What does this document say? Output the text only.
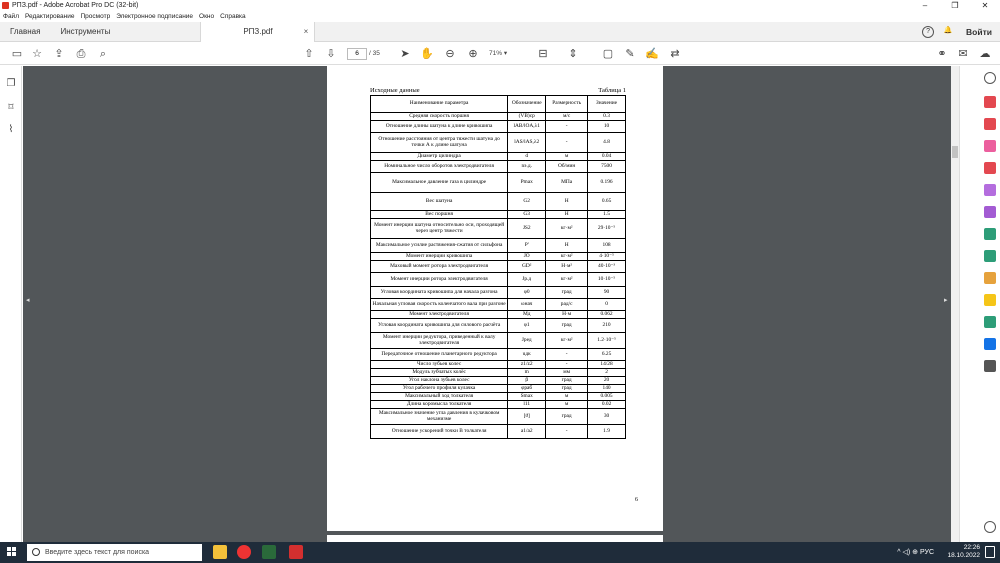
РПЗ.pdf - Adobe Acrobat Pro DC (32-bit)	–	❐	✕
Файл Редактирование Просмотр Электронное подписание Окно Справка
Главная	Инструменты	РПЗ.pdf	×	?	🔔 Войти
▭ ☆ ⇪ ⎙	⌕	⇧ ⇩	6	/ 35 ➤ ✋ ⊖ ⊕	71% ▾	⊟ ⇕ ▢ ✎ ✍ ⇄	⚭ ✉ ☁
❐
⌑
⌇
◂	▸
Исходные данные	Таблица 1
Наименование параметра	Обозначение	Размерность	Значение
Средняя скорость поршня	(VB)ср	м/с	0.3
Отношение длины шатуна к длине кривошипа	lAB/lOA,λ1	-	10
Отношение расстояния от центра тяжести шатуна до точки А к длине шатуна	lAS/lAS,λ2	-	4.8
Диаметр цилиндра	d	м	0.04
Номинальное число оборотов электродвигателя	nэ.д.	Об/мин	7500
Максимальное давление газа в цилиндре	Pmax	МПа	0.196
Вес шатуна	G2	Н	0.65
Вес поршня	G3	Н	1.5
Момент инерции шатуна относительно оси, проходящей через центр тяжести	JS2	кг·м²	29·10⁻⁵
Максимальное усилие растяжения-сжатия от сильфона	P'	Н	108
Момент инерции кривошипа	JO	кг·м²	4·10⁻⁵
Маховый момент ротора электродвигателя	GD²	Н·м²	40·10⁻³
Момент инерции ротора электродвигателя	Jр.д	кг·м²	10·10⁻⁵
Угловая координата кривошипа для начала разгона	φ0	град	90
Начальная угловая скорость коленчатого вала при разгоне	ωнач	рад/с	0
Момент электродвигателя	Mд	Н·м	0.062
Угловая координата кривошипа для силового расчёта	φ1	град	210
Момент инерции редуктора, приведенный к валу электродвигателя	Jред	кг·м²	1.2·10⁻⁵
Передаточное отношение планетарного редуктора	uдк	-	6.25
Число зубьев колес	z1/z2	-	14/28
Модуль зубчатых колёс	m	мм	2
Угол наклона зубьев колес	β	град	20
Угол рабочего профиля кулачка	φраб	град	140
Максимальный ход толкателя	Smax	м	0.005
Длина коромысла толкателя	l11	м	0.02
Максимальное значение угла давления в кулачковом механизме	[ϑ]	град	30
Отношение ускорений точки В толкателя	a1/a2	-	1.9
6
Введите здесь текст для поиска	^ ◁) ⊕ РУС
22:26
18.10.2022
